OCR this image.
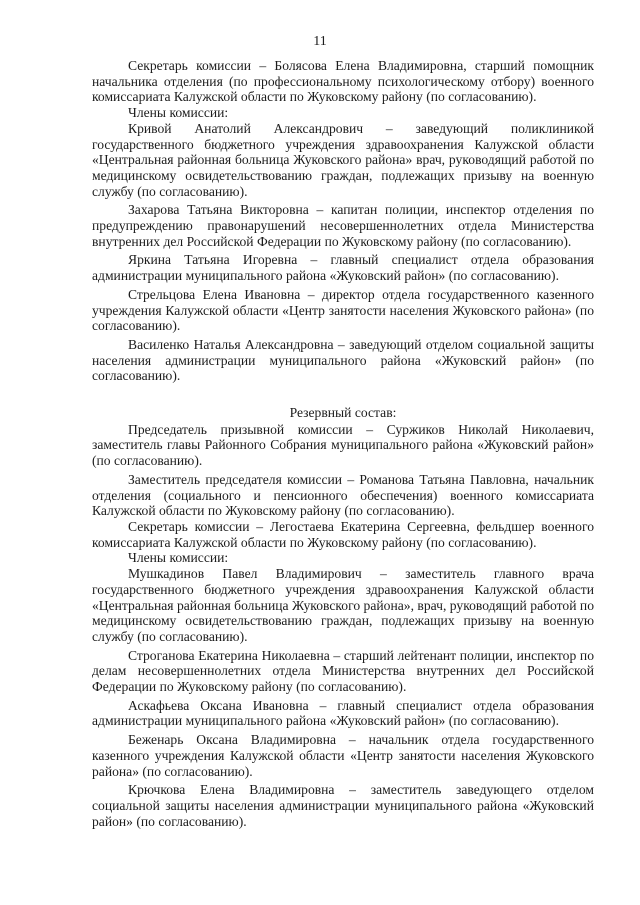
11

Секретарь комиссии – Болясова Елена Владимировна, старший помощник начальника отделения (по профессиональному психологическому отбору) военного комиссариата Калужской области по Жуковскому району (по согласованию).

Члены комиссии:

Кривой Анатолий Александрович – заведующий поликлиникой государственного бюджетного учреждения здравоохранения Калужской области «Центральная районная больница Жуковского района» врач, руководящий работой по медицинскому освидетельствованию граждан, подлежащих призыву на военную службу (по согласованию).

Захарова Татьяна Викторовна – капитан полиции, инспектор отделения по предупреждению правонарушений несовершеннолетних отдела Министерства внутренних дел Российской Федерации по Жуковскому району (по согласованию).

Яркина Татьяна Игоревна – главный специалист отдела образования администрации муниципального района «Жуковский район» (по согласованию).

Стрельцова Елена Ивановна – директор отдела государственного казенного учреждения Калужской области «Центр занятости населения Жуковского района» (по согласованию).

Василенко Наталья Александровна – заведующий отделом социальной защиты населения администрации муниципального района «Жуковский район» (по согласованию).

Резервный состав:

Председатель призывной комиссии – Суржиков Николай Николаевич, заместитель главы Районного Собрания муниципального района «Жуковский район» (по согласованию).

Заместитель председателя комиссии – Романова Татьяна Павловна, начальник отделения (социального и пенсионного обеспечения) военного комиссариата Калужской области по Жуковскому району (по согласованию).

Секретарь комиссии – Легостаева Екатерина Сергеевна, фельдшер военного комиссариата Калужской области по Жуковскому району (по согласованию).

Члены комиссии:

Мушкадинов Павел Владимирович – заместитель главного врача государственного бюджетного учреждения здравоохранения Калужской области «Центральная районная больница Жуковского района», врач, руководящий работой по медицинскому освидетельствованию граждан, подлежащих призыву на военную службу (по согласованию).

Строганова Екатерина Николаевна – старший лейтенант полиции, инспектор по делам несовершеннолетних отдела Министерства внутренних дел Российской Федерации по Жуковскому району (по согласованию).

Аскафьева Оксана Ивановна – главный специалист отдела образования администрации муниципального района «Жуковский район» (по согласованию).

Беженарь Оксана Владимировна – начальник отдела государственного казенного учреждения Калужской области «Центр занятости населения Жуковского района» (по согласованию).

Крючкова Елена Владимировна – заместитель заведующего отделом социальной защиты населения администрации муниципального района «Жуковский район» (по согласованию).
